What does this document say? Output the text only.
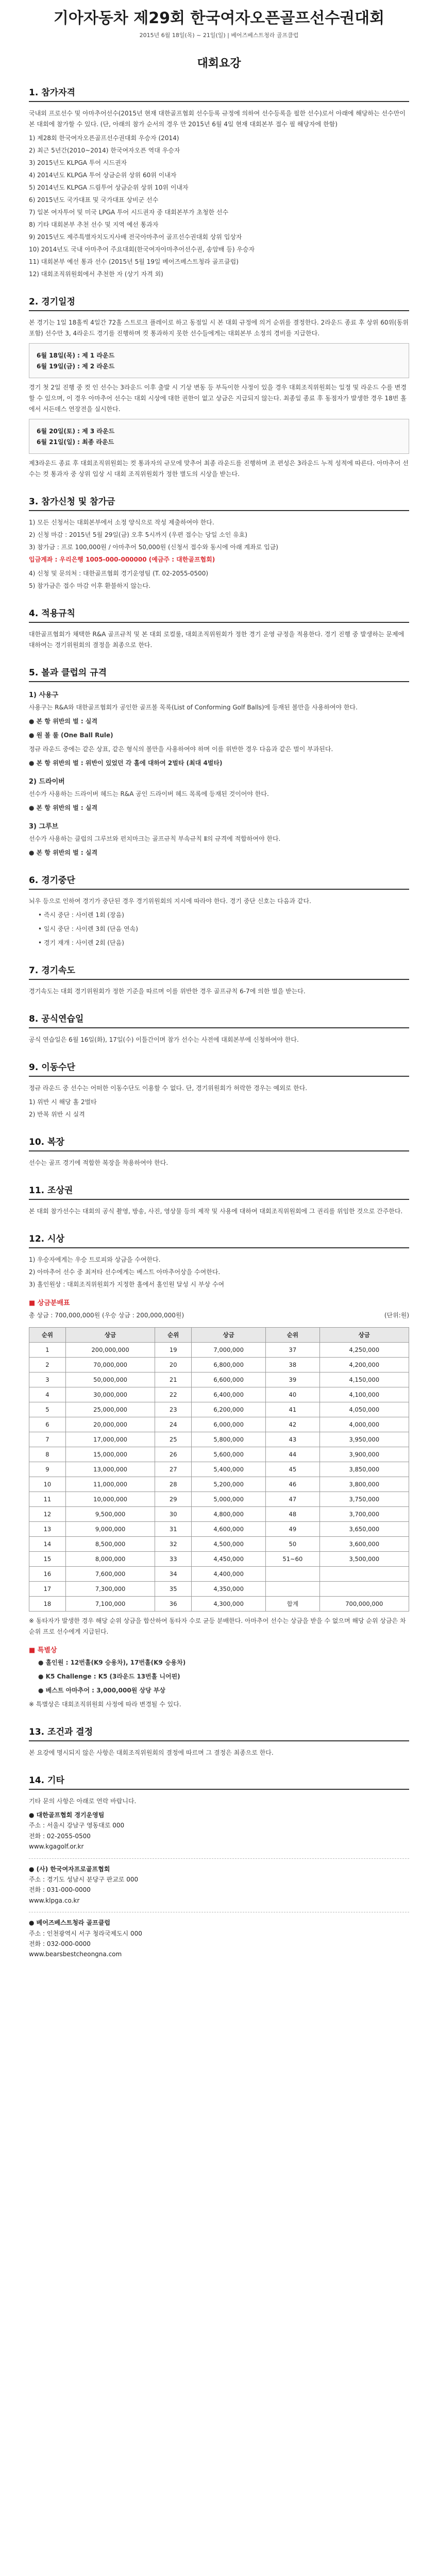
기아자동차 제29회 한국여자오픈골프선수권대회
2015년 6월 18일(목) ~ 21일(일) | 베어즈베스트청라 골프클럽
대회요강
1. 참가자격

국내외 프로선수 및 아마추어선수(2015년 현재 대한골프협회 선수등록 규정에 의하여 선수등록을 필한 선수)로서 아래에 해당하는 선수만이 본 대회에 참가할 수 있다. (단, 아래의 참가 순서의 경우 만 2015년 6월 4일 현재 대회본부 접수 필 해당자에 한함)

1) 제28회 한국여자오픈골프선수권대회 우승자 (2014)
2) 최근 5년간(2010~2014) 한국여자오픈 역대 우승자
3) 2015년도 KLPGA 투어 시드권자
4) 2014년도 KLPGA 투어 상금순위 상위 60위 이내자
5) 2014년도 KLPGA 드림투어 상금순위 상위 10위 이내자
6) 2015년도 국가대표 및 국가대표 상비군 선수
7) 일본 여자투어 및 미국 LPGA 투어 시드권자 중 대회본부가 초청한 선수
8) 기타 대회본부 추천 선수 및 지역 예선 통과자
9) 2015년도 제주특별자치도지사배 전국아마추어 골프선수권대회 상위 입상자
10) 2014년도 국내 아마추어 주요대회(한국여자아마추어선수권, 송암배 등) 우승자
11) 대회본부 예선 통과 선수 (2015년 5월 19일 베어즈베스트청라 골프클럽)
12) 대회조직위원회에서 추천한 자 (상기 자격 외)
2. 경기일정

본 경기는 1일 18홀씩 4일간 72홀 스트로크 플레이로 하고 동점일 시 본 대회 규정에 의거 순위를 결정한다. 2라운드 종료 후 상위 60위(동위 포함) 선수만 3, 4라운드 경기를 진행하며 컷 통과하지 못한 선수들에게는 대회본부 소정의 경비를 지급한다.

6월 18일(목) : 제 1 라운드
6월 19일(금) : 제 2 라운드

경기 첫 2일 진행 중 컷 인 선수는 3라운드 이후 출발 시 기상 변동 등 부득이한 사정이 있을 경우 대회조직위원회는 일정 및 라운드 수를 변경할 수 있으며, 이 경우 아마추어 선수는 대회 시상에 대한 권한이 없고 상금은 지급되지 않는다. 최종일 종료 후 동점자가 발생한 경우 18번 홀에서 서든데스 연장전을 실시한다.

6월 20일(토) : 제 3 라운드
6월 21일(일) : 최종 라운드

제3라운드 종료 후 대회조직위원회는 컷 통과자의 규모에 맞추어 최종 라운드를 진행하며 조 편성은 3라운드 누적 성적에 따른다. 아마추어 선수는 컷 통과자 중 상위 입상 시 대회 조직위원회가 정한 별도의 시상을 받는다.

3. 참가신청 및 참가금
1) 모든 신청서는 대회본부에서 소정 양식으로 작성 제출하여야 한다.
2) 신청 마감 : 2015년 5월 29일(금) 오후 5시까지 (우편 접수는 당일 소인 유효)
3) 참가금 : 프로 100,000원 / 아마추어 50,000원 (신청서 접수와 동시에 아래 계좌로 입금)

입금계좌 : 우리은행 1005-000-000000 (예금주 : 대한골프협회)

4) 신청 및 문의처 : 대한골프협회 경기운영팀 (T. 02-2055-0500)
5) 참가금은 접수 마감 이후 환불하지 않는다.
4. 적용규칙

대한골프협회가 채택한 R&A 골프규칙 및 본 대회 로컬룰, 대회조직위원회가 정한 경기 운영 규정을 적용한다. 경기 진행 중 발생하는 문제에 대하여는 경기위원회의 결정을 최종으로 한다.

5. 볼과 클럽의 규격
1) 사용구

사용구는 R&A와 대한골프협회가 공인한 골프볼 목록(List of Conforming Golf Balls)에 등재된 볼만을 사용하여야 한다.

● 본 항 위반의 벌 : 실격

● 원 볼 룰 (One Ball Rule)

정규 라운드 중에는 같은 상표, 같은 형식의 볼만을 사용하여야 하며 이를 위반한 경우 다음과 같은 벌이 부과된다.

● 본 항 위반의 벌 : 위반이 있었던 각 홀에 대하여 2벌타 (최대 4벌타)

2) 드라이버

선수가 사용하는 드라이버 헤드는 R&A 공인 드라이버 헤드 목록에 등재된 것이어야 한다.

● 본 항 위반의 벌 : 실격

3) 그루브

선수가 사용하는 클럽의 그루브와 펀치마크는 골프규칙 부속규칙 Ⅱ의 규격에 적합하여야 한다.

● 본 항 위반의 벌 : 실격

6. 경기중단

뇌우 등으로 인하여 경기가 중단된 경우 경기위원회의 지시에 따라야 한다. 경기 중단 신호는 다음과 같다.

• 즉시 중단 : 사이렌 1회 (장음)
• 일시 중단 : 사이렌 3회 (단음 연속)
• 경기 재개 : 사이렌 2회 (단음)
7. 경기속도

경기속도는 대회 경기위원회가 정한 기준을 따르며 이를 위반한 경우 골프규칙 6-7에 의한 벌을 받는다.

8. 공식연습일

공식 연습일은 6월 16일(화), 17일(수) 이틀간이며 참가 선수는 사전에 대회본부에 신청하여야 한다.

9. 이동수단

정규 라운드 중 선수는 어떠한 이동수단도 이용할 수 없다. 단, 경기위원회가 허락한 경우는 예외로 한다.

1) 위반 시 해당 홀 2벌타
2) 반복 위반 시 실격
10. 복장

선수는 골프 경기에 적합한 복장을 착용하여야 한다.

11. 조상권

본 대회 참가선수는 대회의 공식 촬영, 방송, 사진, 영상물 등의 제작 및 사용에 대하여 대회조직위원회에 그 권리를 위임한 것으로 간주한다.

12. 시상
1) 우승자에게는 우승 트로피와 상금을 수여한다.
2) 아마추어 선수 중 최저타 선수에게는 베스트 아마추어상을 수여한다.
3) 홀인원상 : 대회조직위원회가 지정한 홀에서 홀인원 달성 시 부상 수여
■ 상금분배표
총 상금 : 700,000,000원 (우승 상금 : 200,000,000원)	(단위:원)
순위	상금	순위	상금	순위	상금
1	200,000,000	19	7,000,000	37	4,250,000
2	70,000,000	20	6,800,000	38	4,200,000
3	50,000,000	21	6,600,000	39	4,150,000
4	30,000,000	22	6,400,000	40	4,100,000
5	25,000,000	23	6,200,000	41	4,050,000
6	20,000,000	24	6,000,000	42	4,000,000
7	17,000,000	25	5,800,000	43	3,950,000
8	15,000,000	26	5,600,000	44	3,900,000
9	13,000,000	27	5,400,000	45	3,850,000
10	11,000,000	28	5,200,000	46	3,800,000
11	10,000,000	29	5,000,000	47	3,750,000
12	9,500,000	30	4,800,000	48	3,700,000
13	9,000,000	31	4,600,000	49	3,650,000
14	8,500,000	32	4,500,000	50	3,600,000
15	8,000,000	33	4,450,000	51~60	3,500,000
16	7,600,000	34	4,400,000		
17	7,300,000	35	4,350,000		
18	7,100,000	36	4,300,000	합계	700,000,000

※ 동타자가 발생한 경우 해당 순위 상금을 합산하여 동타자 수로 균등 분배한다. 아마추어 선수는 상금을 받을 수 없으며 해당 순위 상금은 차순위 프로 선수에게 지급된다.

■ 특별상
● 홀인원 : 12번홀(K9 승용차), 17번홀(K9 승용차)
● K5 Challenge : K5 (3라운드 13번홀 니어핀)
● 베스트 아마추어 : 3,000,000원 상당 부상

※ 특별상은 대회조직위원회 사정에 따라 변경될 수 있다.

13. 조건과 결정

본 요강에 명시되지 않은 사항은 대회조직위원회의 결정에 따르며 그 결정은 최종으로 한다.

14. 기타

기타 문의 사항은 아래로 연락 바랍니다.

● 대한골프협회 경기운영팀
주소 : 서울시 강남구 영동대로 000
전화 : 02-2055-0500
www.kgagolf.or.kr
● (사) 한국여자프로골프협회
주소 : 경기도 성남시 분당구 판교로 000
전화 : 031-000-0000
www.klpga.co.kr
● 베어즈베스트청라 골프클럽
주소 : 인천광역시 서구 청라국제도시 000
전화 : 032-000-0000
www.bearsbestcheongna.com
